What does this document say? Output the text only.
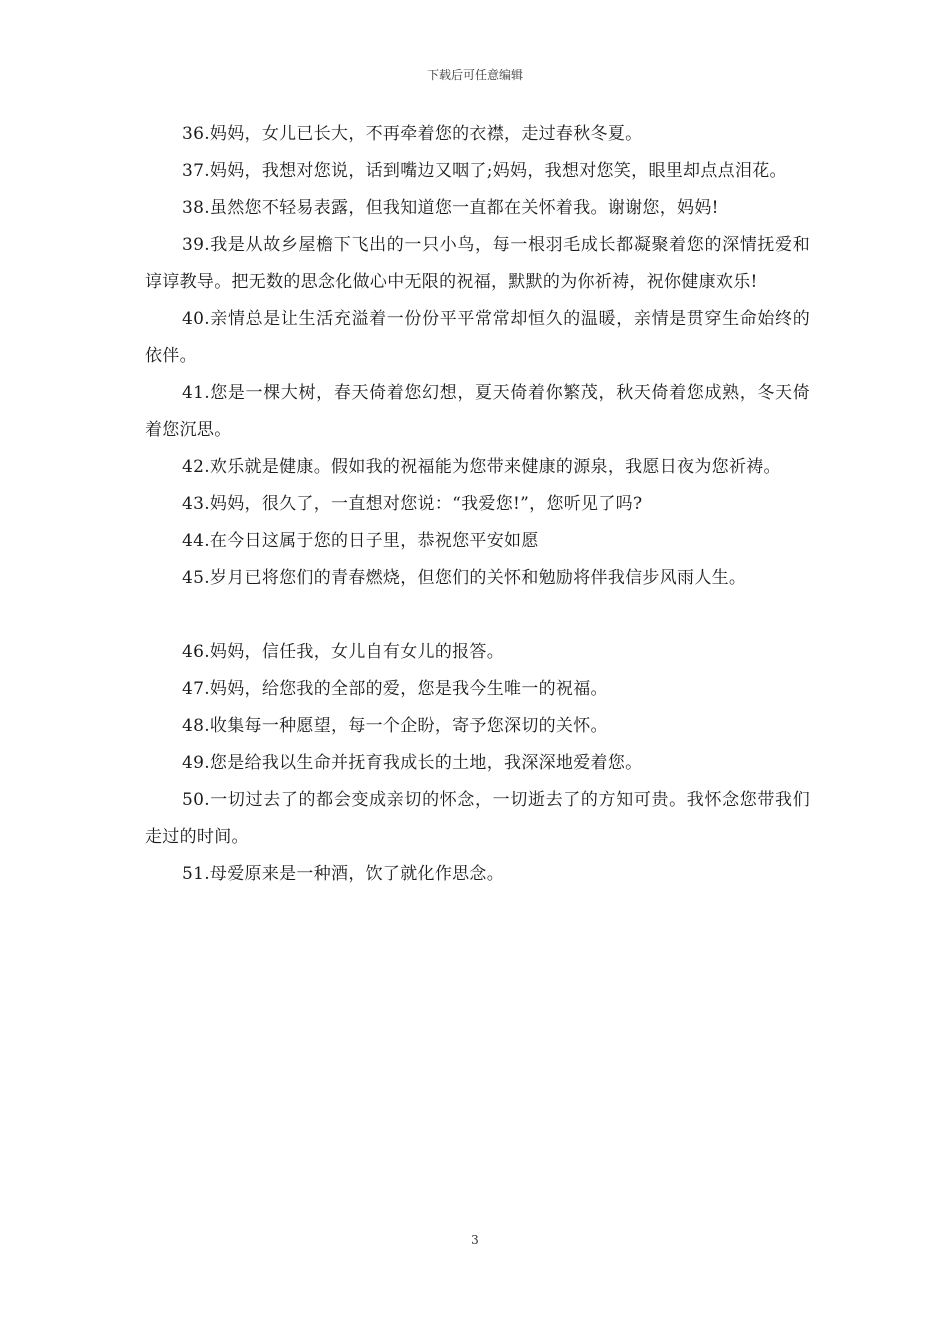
下载后可任意编辑

36.妈妈，女儿已长大，不再牵着您的衣襟，走过春秋冬夏。

37.妈妈，我想对您说，话到嘴边又咽了;妈妈，我想对您笑，眼里却点点泪花。

38.虽然您不轻易表露，但我知道您一直都在关怀着我。谢谢您，妈妈!

39.我是从故乡屋檐下飞出的一只小鸟，每一根羽毛成长都凝聚着您的深情抚爱和谆谆教导。把无数的思念化做心中无限的祝福，默默的为你祈祷，祝你健康欢乐!

40.亲情总是让生活充溢着一份份平平常常却恒久的温暖，亲情是贯穿生命始终的依伴。

41.您是一棵大树，春天倚着您幻想，夏天倚着你繁茂，秋天倚着您成熟，冬天倚着您沉思。

42.欢乐就是健康。假如我的祝福能为您带来健康的源泉，我愿日夜为您祈祷。

43.妈妈，很久了，一直想对您说：“我爱您!”，您听见了吗?

44.在今日这属于您的日子里，恭祝您平安如愿

45.岁月已将您们的青春燃烧，但您们的关怀和勉励将伴我信步风雨人生。

46.妈妈，信任我，女儿自有女儿的报答。

47.妈妈，给您我的全部的爱，您是我今生唯一的祝福。

48.收集每一种愿望，每一个企盼，寄予您深切的关怀。

49.您是给我以生命并抚育我成长的土地，我深深地爱着您。

50.一切过去了的都会变成亲切的怀念，一切逝去了的方知可贵。我怀念您带我们走过的时间。

51.母爱原来是一种酒，饮了就化作思念。

3
